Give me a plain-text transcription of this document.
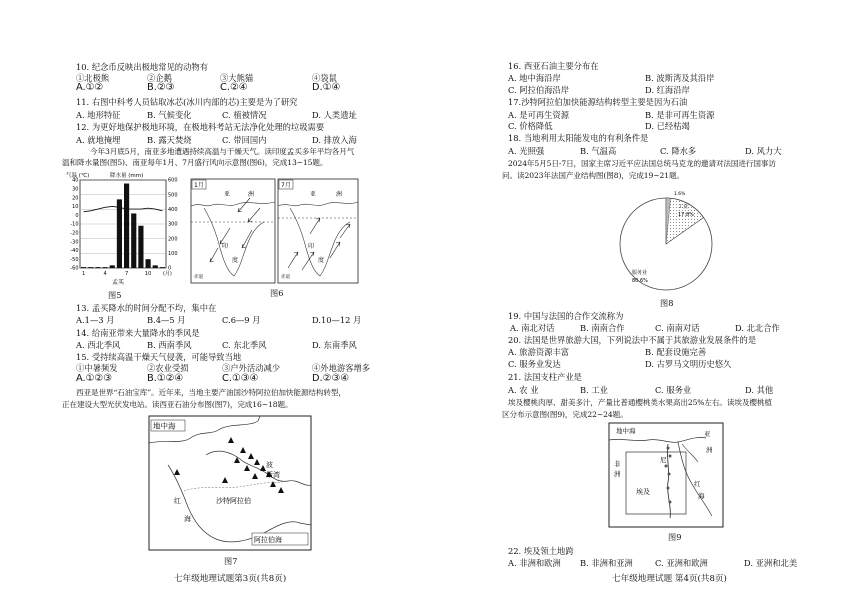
10. 纪念币反映出极地常见的动物有
①北极熊	②企鹅	③大熊猫	④袋鼠
A.①②	B.②③	C.②④	D.①④
11. 右图中科考人员钻取冰芯(冰川内部的芯)主要是为了研究
A. 地形特征	B. 气候变化	C. 植被情况	D. 人类遗址
12. 为更好地保护极地环境，在极地科考站无法净化处理的垃圾需要
A. 就地掩埋	B. 露天焚烧	C. 带回国内	D. 排放入海
今年3月底5月，南亚多地遭遇持续高温与干燥天气。读印度孟买多年平均各月气
温和降水量图(图5)、南亚每年1月、7月盛行风向示意图(图6)，完成13~15题。
气温 (℃)	降水量 (mm)
40
30
20
10
0
-10
-20
-30
-40
-50
-60
600
500
400
300
200
100
0
1	4	7	10 (月)
孟买
图5
1月
亚	洲
印
度
赤道
7月
亚	洲
印
度
赤道
图6
13. 孟买降水的时间分配不均，集中在
A.1—3 月	B.4—5 月	C.6—9 月	D.10—12 月
14. 给南亚带来大量降水的季风是
A. 西北季风	B. 西南季风	C. 东北季风	D. 东南季风
15. 受持续高温干燥天气侵袭，可能导致当地
①中暑频发	②农业受损	③户外活动减少	④外地游客增多
A.①②③	B.①②④	C.①③④	D.②③④
西亚是世界“石油宝库”。近年来，当地主要产油国沙特阿拉伯加快能源结构转型，
正在建设大型光伏发电站。读西亚石油分布图(图7)，完成16~18题。
地中海
波
斯湾
沙特阿拉伯
红
海
阿拉伯海
图7
七年级地理试题第3页(共8页)
16. 西亚石油主要分布在
A. 地中海沿岸	B. 波斯湾及其沿岸
C. 阿拉伯海沿岸	D. 红海沿岸
17.沙特阿拉伯加快能源结构转型主要是因为石油
A. 是可再生资源	B. 是非可再生资源
C. 价格降低	D. 已经枯竭
18. 当地利用太阳能发电的有利条件是
A. 光照强	B. 气温高	C. 降水多	D. 风力大
2024年5月5日-7日，国家主席习近平应法国总统马克龙的邀请对法国进行国事访
问。读2023年法国产业结构图(图8)，完成19~21题。
1.6%
工业
17.8%
服务业
80.6%
图8
19. 中国与法国的合作交流称为
A. 南北对话	B. 南南合作	C. 南南对话	D. 北北合作
20. 法国是世界旅游大国，下列说法中不属于其旅游业发展条件的是
A. 旅游资源丰富	B. 配套设施完善
C. 服务业发达	D. 古罗马文明历史悠久
21. 法国支柱产业是
A. 农 业	B. 工业	C. 服务业	D. 其他
埃及樱桃肉厚、甜美多汁，产量比普通樱桃类水果高出25%左右。读埃及樱桃植
区分布示意图(图9)，完成22~24题。
地中海	亚
洲
非
洲
尼
埃及
红
海
图9
22. 埃及领土地跨
A. 非洲和欧洲 B. 非洲和亚洲	C. 亚洲和欧洲	D. 亚洲和北美
七年级地理试题 第4页(共8页)
